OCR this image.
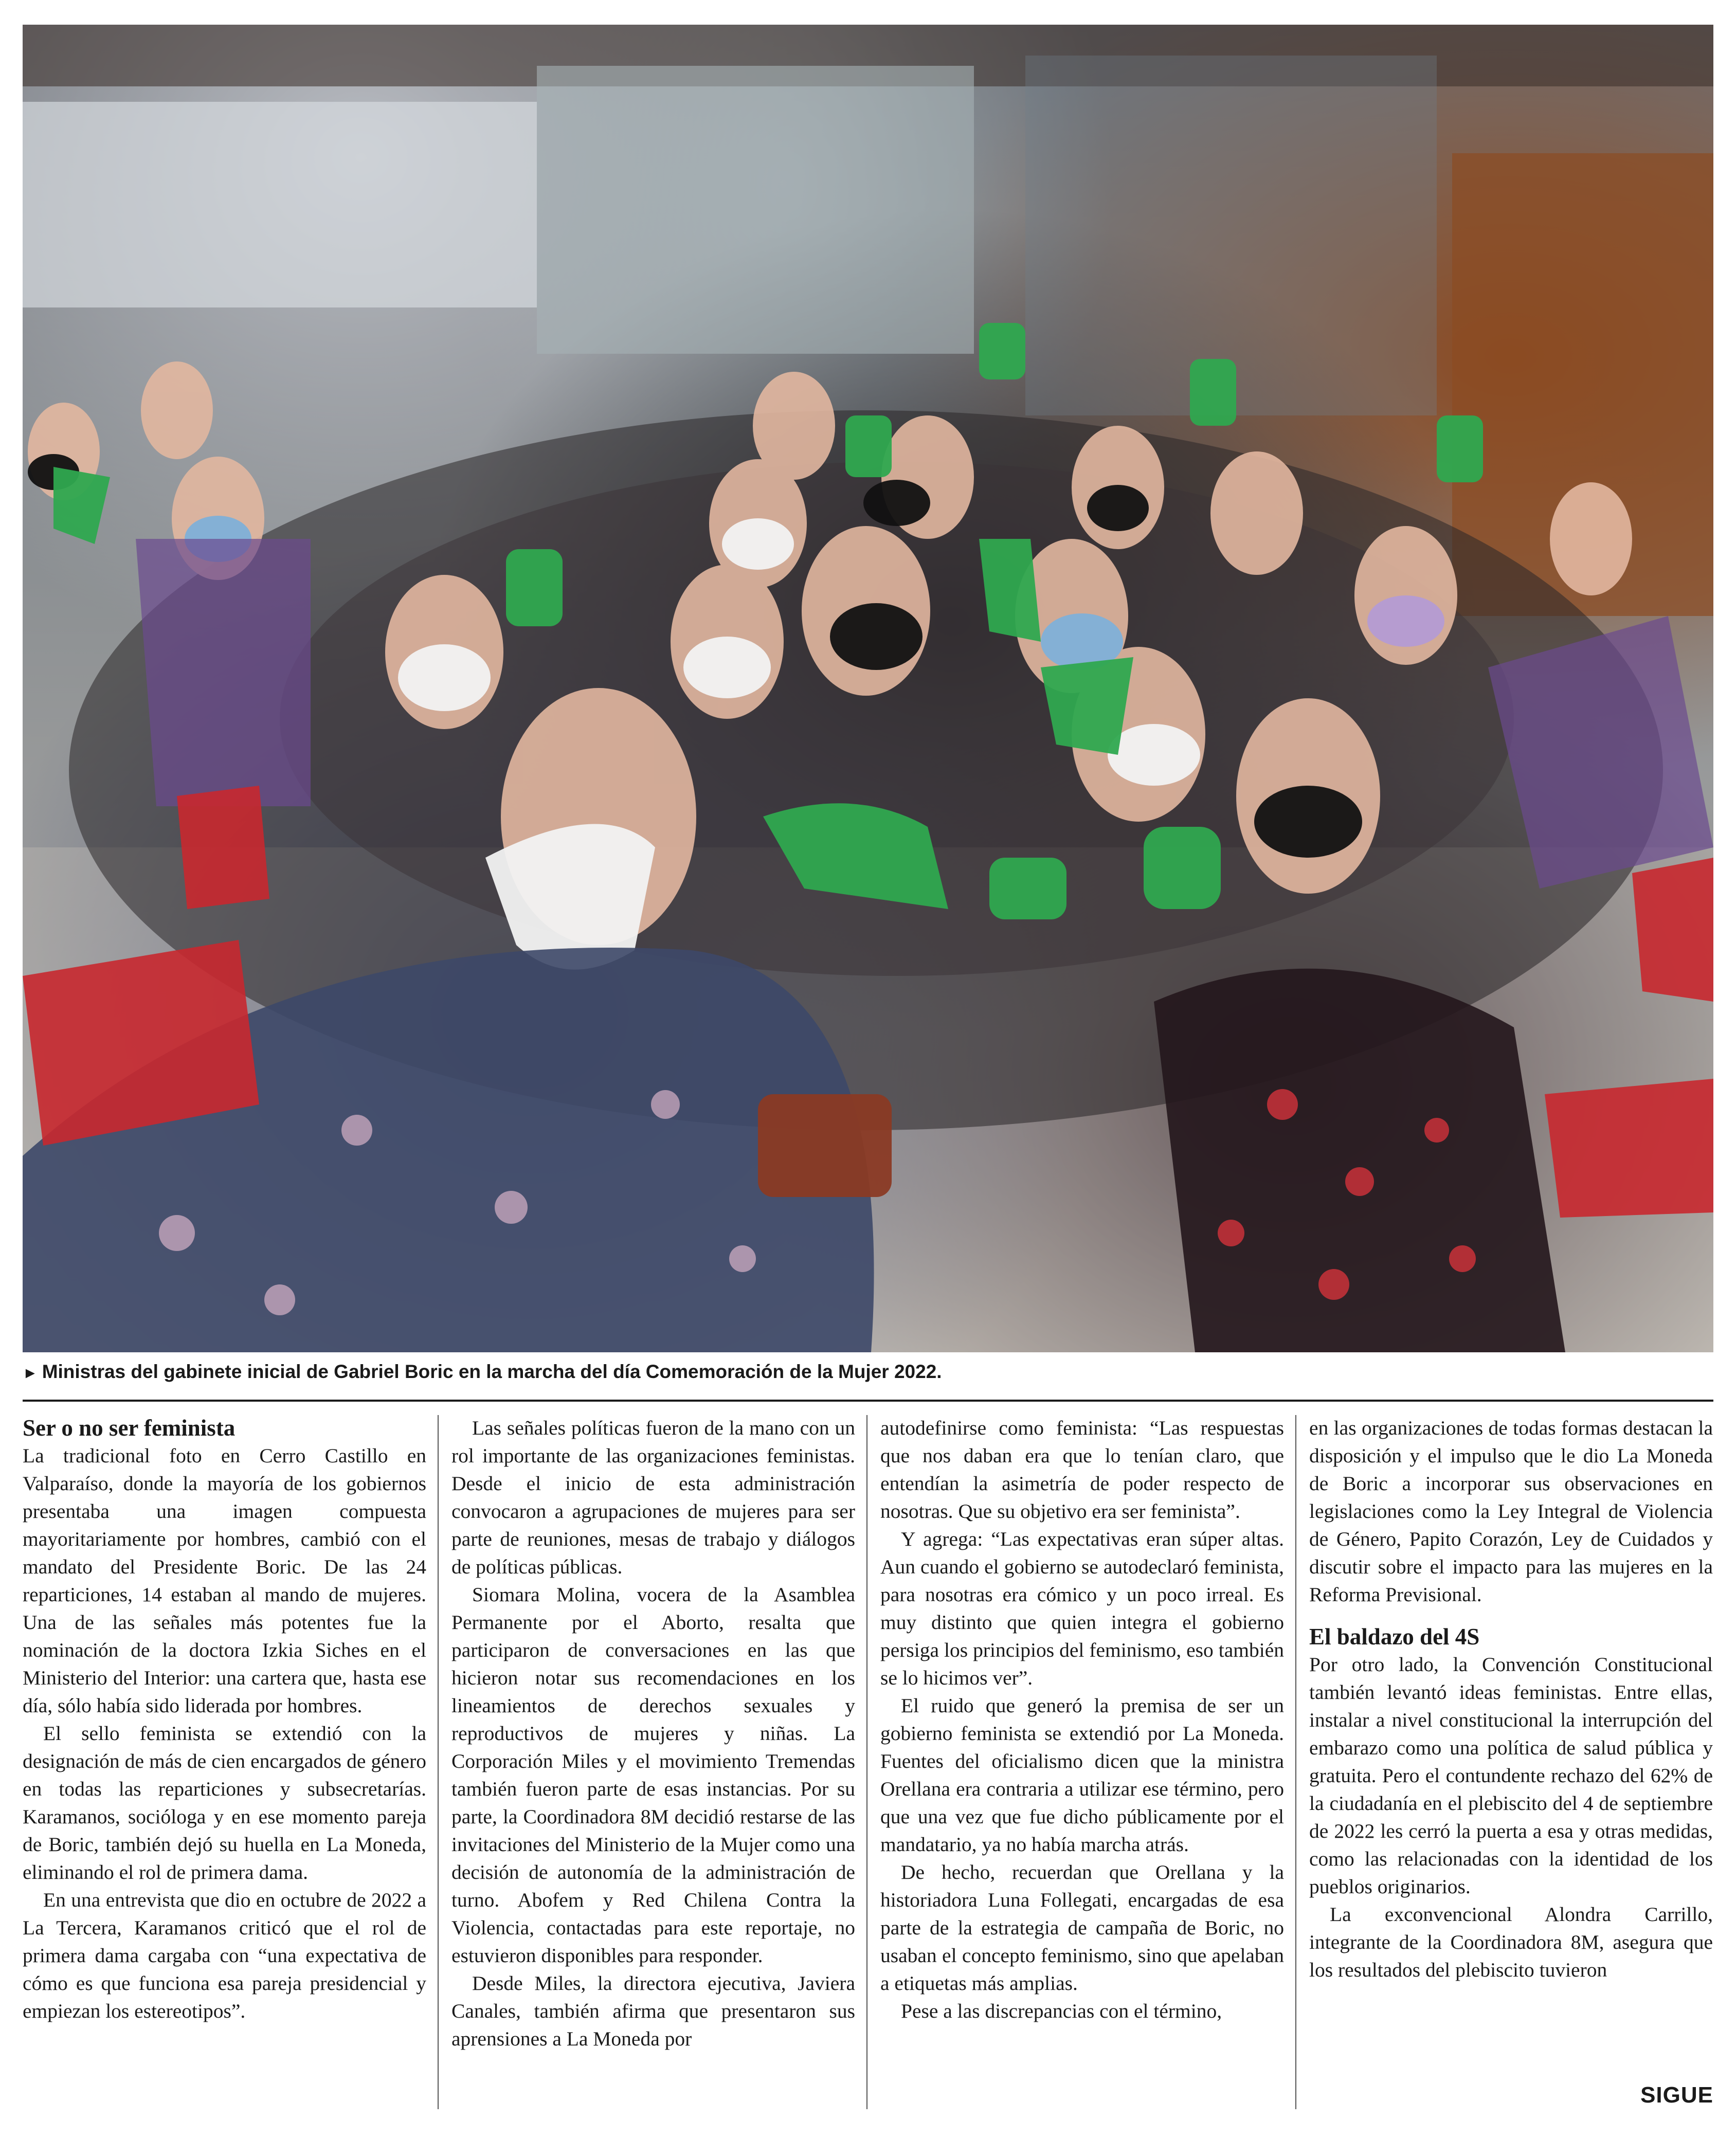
► Ministras del gabinete inicial de Gabriel Boric en la marcha del día Comemoración de la Mujer 2022.
Ser o no ser feminista

La tradicional foto en Cerro Castillo en Valparaíso, donde la mayoría de los gobiernos presentaba una imagen compuesta mayoritariamente por hombres, cambió con el mandato del Presidente Boric. De las 24 reparticiones, 14 estaban al mando de mujeres. Una de las señales más potentes fue la nominación de la doctora Izkia Siches en el Ministerio del Interior: una cartera que, hasta ese día, sólo había sido liderada por hombres.

El sello feminista se extendió con la designación de más de cien encargados de género en todas las reparticiones y subsecretarías. Karamanos, socióloga y en ese momento pareja de Boric, también dejó su huella en La Moneda, eliminando el rol de primera dama.

En una entrevista que dio en octubre de 2022 a La Tercera, Karamanos criticó que el rol de primera dama cargaba con “una expectativa de cómo es que funciona esa pareja presidencial y empiezan los estereotipos”.

Las señales políticas fueron de la mano con un rol importante de las organizaciones feministas. Desde el inicio de esta administración convocaron a agrupaciones de mujeres para ser parte de reuniones, mesas de trabajo y diálogos de políticas públicas.

Siomara Molina, vocera de la Asamblea Permanente por el Aborto, resalta que participaron de conversaciones en las que hicieron notar sus recomendaciones en los lineamientos de derechos sexuales y reproductivos de mujeres y niñas. La Corporación Miles y el movimiento Tremendas también fueron parte de esas instancias. Por su parte, la Coordinadora 8M decidió restarse de las invitaciones del Ministerio de la Mujer como una decisión de autonomía de la administración de turno. Abofem y Red Chilena Contra la Violencia, contactadas para este reportaje, no estuvieron disponibles para responder.

Desde Miles, la directora ejecutiva, Javiera Canales, también afirma que presentaron sus aprensiones a La Moneda por

autodefinirse como feminista: “Las respuestas que nos daban era que lo tenían claro, que entendían la asimetría de poder respecto de nosotras. Que su objetivo era ser feminista”.

Y agrega: “Las expectativas eran súper altas. Aun cuando el gobierno se autodeclaró feminista, para nosotras era cómico y un poco irreal. Es muy distinto que quien integra el gobierno persiga los principios del feminismo, eso también se lo hicimos ver”.

El ruido que generó la premisa de ser un gobierno feminista se extendió por La Moneda. Fuentes del oficialismo dicen que la ministra Orellana era contraria a utilizar ese término, pero que una vez que fue dicho públicamente por el mandatario, ya no había marcha atrás.

De hecho, recuerdan que Orellana y la historiadora Luna Follegati, encargadas de esa parte de la estrategia de campaña de Boric, no usaban el concepto feminismo, sino que apelaban a etiquetas más amplias.

Pese a las discrepancias con el término,

en las organizaciones de todas formas destacan la disposición y el impulso que le dio La Moneda de Boric a incorporar sus observaciones en legislaciones como la Ley Integral de Violencia de Género, Papito Corazón, Ley de Cuidados y discutir sobre el impacto para las mujeres en la Reforma Previsional.

El baldazo del 4S

Por otro lado, la Convención Constitucional también levantó ideas feministas. Entre ellas, instalar a nivel constitucional la interrupción del embarazo como una política de salud pública y gratuita. Pero el contundente rechazo del 62% de la ciudadanía en el plebiscito del 4 de septiembre de 2022 les cerró la puerta a esa y otras medidas, como las relacionadas con la identidad de los pueblos originarios.

La exconvencional Alondra Carrillo, integrante de la Coordinadora 8M, asegura que los resultados del plebiscito tuvieron

SIGUE
